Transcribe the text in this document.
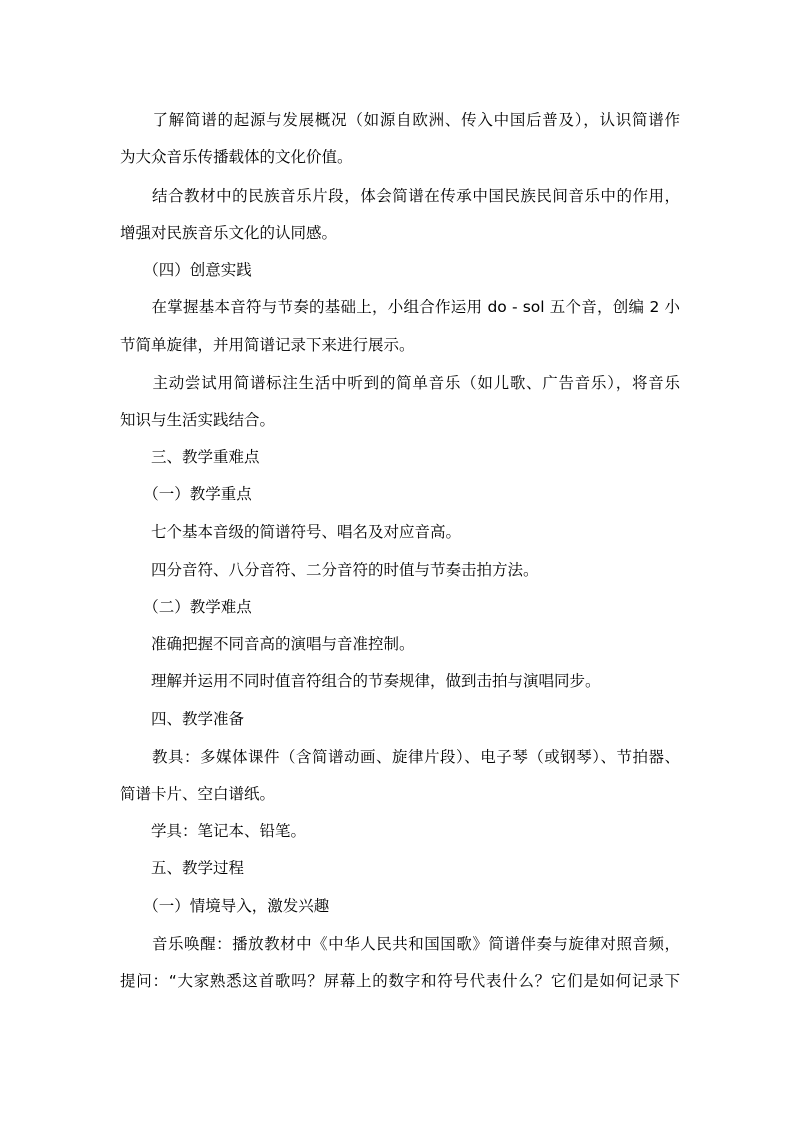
　　了解简谱的起源与发展概况（如源自欧洲、传入中国后普及），认识简谱作
为大众音乐传播载体的文化价值。
　　结合教材中的民族音乐片段，体会简谱在传承中国民族民间音乐中的作用，
增强对民族音乐文化的认同感。
　　（四）创意实践
　　在掌握基本音符与节奏的基础上，小组合作运用 do - sol 五个音，创编 2 小
节简单旋律，并用简谱记录下来进行展示。
　　主动尝试用简谱标注生活中听到的简单音乐（如儿歌、广告音乐），将音乐
知识与生活实践结合。
　　三、教学重难点
　　（一）教学重点
　　七个基本音级的简谱符号、唱名及对应音高。
　　四分音符、八分音符、二分音符的时值与节奏击拍方法。
　　（二）教学难点
　　准确把握不同音高的演唱与音准控制。
　　理解并运用不同时值音符组合的节奏规律，做到击拍与演唱同步。
　　四、教学准备
　　教具：多媒体课件（含简谱动画、旋律片段）、电子琴（或钢琴）、节拍器、
简谱卡片、空白谱纸。
　　学具：笔记本、铅笔。
　　五、教学过程
　　（一）情境导入，激发兴趣
　　音乐唤醒：播放教材中《中华人民共和国国歌》简谱伴奏与旋律对照音频，
提问：“大家熟悉这首歌吗？屏幕上的数字和符号代表什么？它们是如何记录下
